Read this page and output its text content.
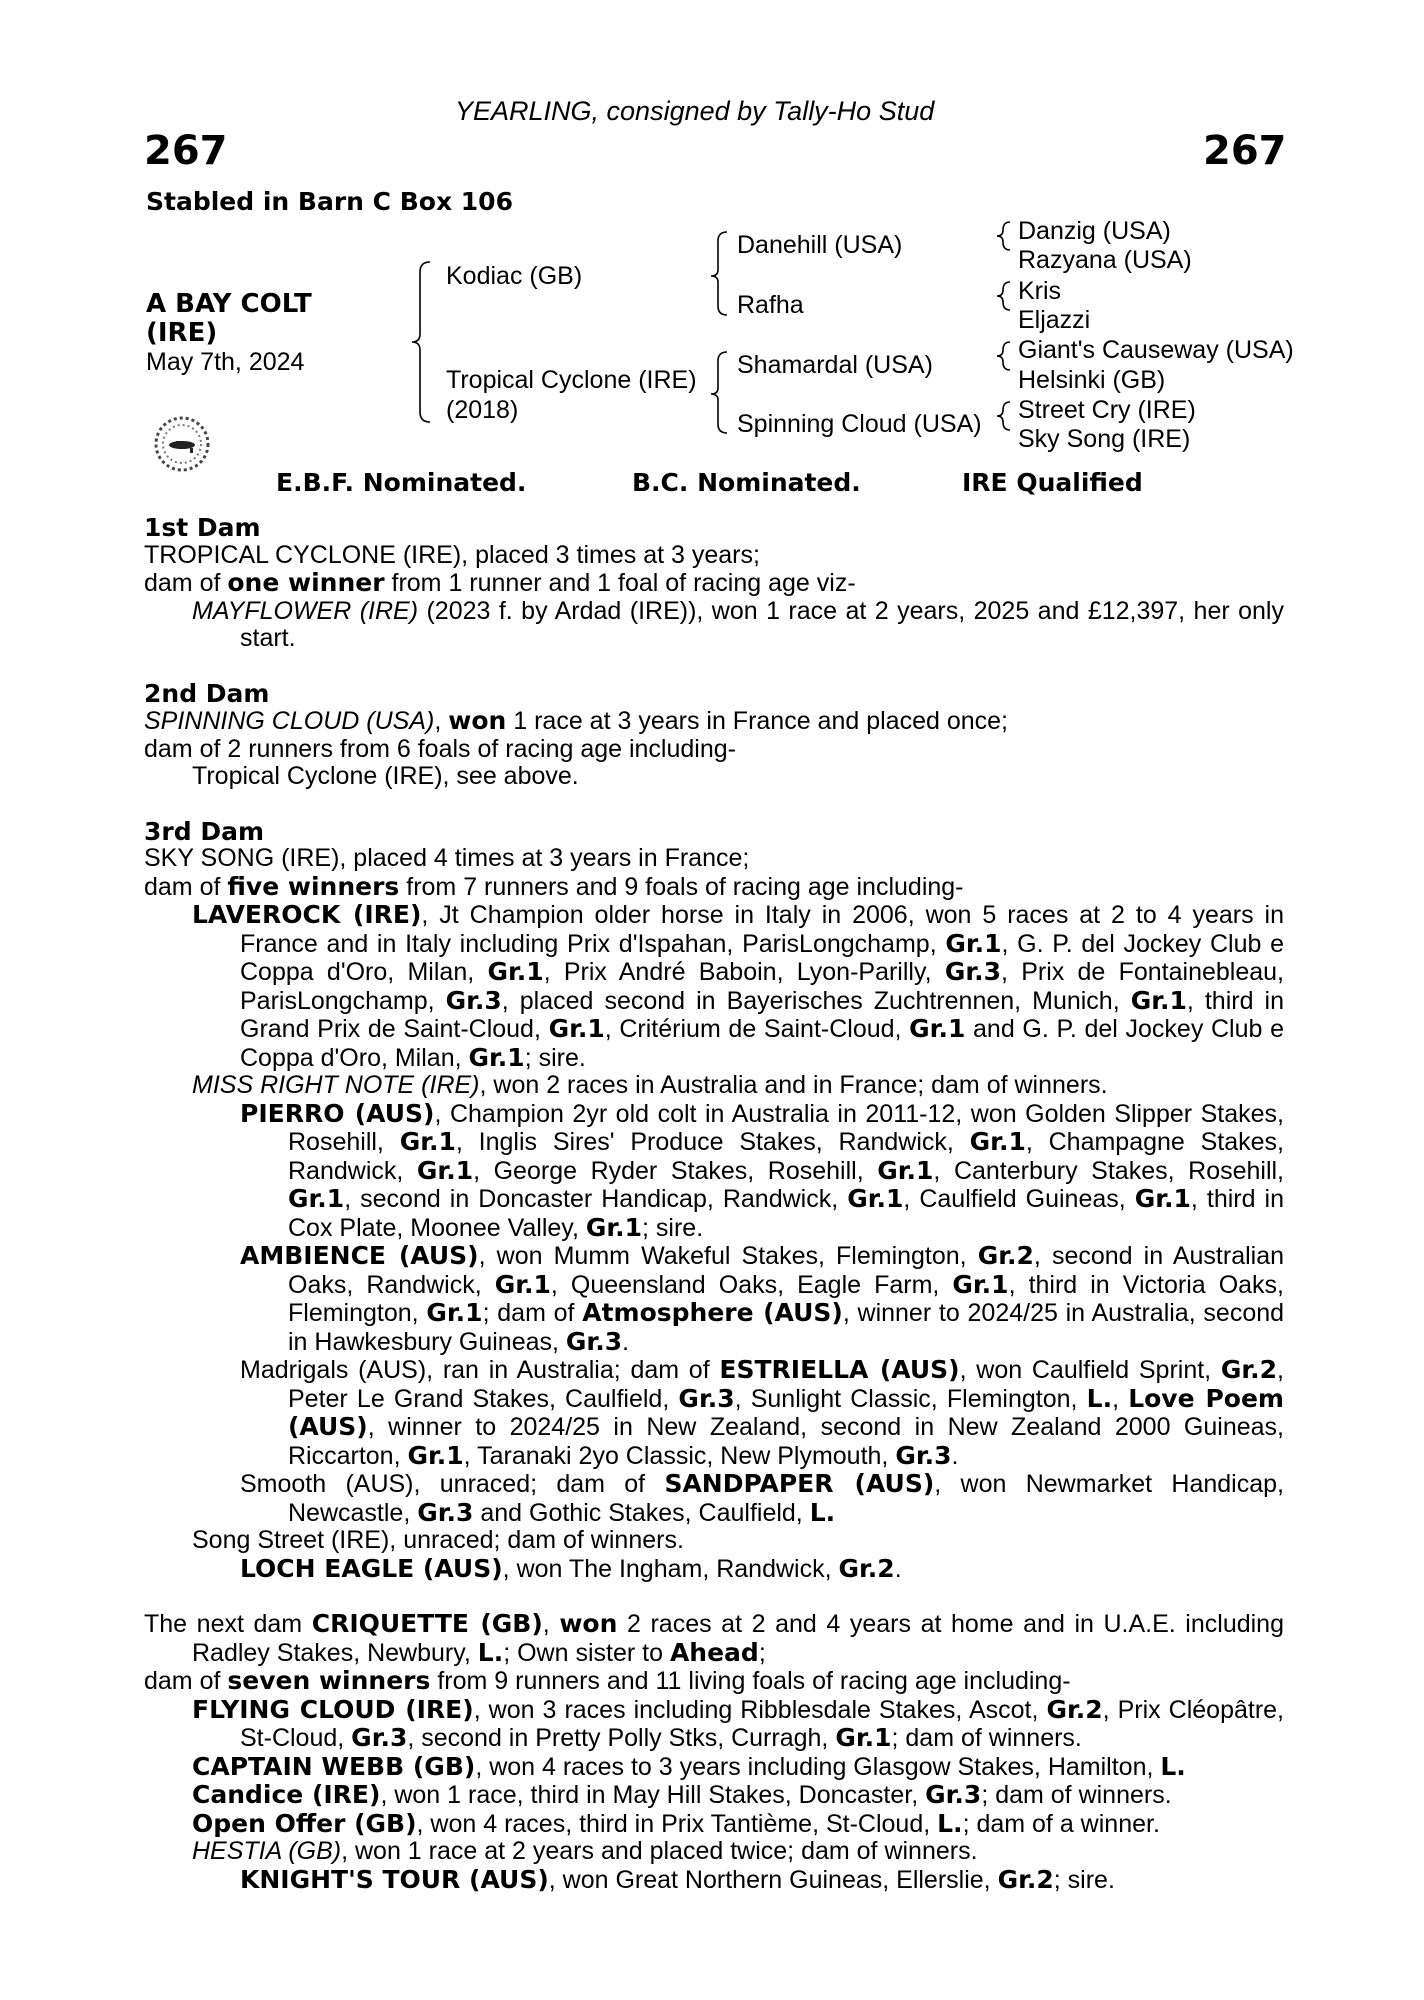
YEARLING, consigned by Tally-Ho Stud
267	267
Stabled in Barn C Box 106
A BAY COLT
(IRE)
May 7th, 2024
Kodiac (GB)
Tropical Cyclone (IRE)
(2018)
Danehill (USA)
Rafha
Shamardal (USA)
Spinning Cloud (USA)
Danzig (USA)
Razyana (USA)
Kris
Eljazzi
Giant's Causeway (USA)
Helsinki (GB)
Street Cry (IRE)
Sky Song (IRE)
E.B.F. Nominated.	B.C. Nominated.	IRE Qualified
1st Dam

TROPICAL CYCLONE (IRE), placed 3 times at 3 years;

dam of one winner from 1 runner and 1 foal of racing age viz-

MAYFLOWER (IRE) (2023 f. by Ardad (IRE)), won 1 race at 2 years, 2025 and £12,397, her only start.

2nd Dam

SPINNING CLOUD (USA), won 1 race at 3 years in France and placed once;

dam of 2 runners from 6 foals of racing age including-

Tropical Cyclone (IRE), see above.

3rd Dam

SKY SONG (IRE), placed 4 times at 3 years in France;

dam of five winners from 7 runners and 9 foals of racing age including-

LAVEROCK (IRE), Jt Champion older horse in Italy in 2006, won 5 races at 2 to 4 years in France and in Italy including Prix d'Ispahan, ParisLongchamp, Gr.1, G. P. del Jockey Club e Coppa d'Oro, Milan, Gr.1, Prix André Baboin, Lyon-Parilly, Gr.3, Prix de Fontainebleau, ParisLongchamp, Gr.3, placed second in Bayerisches Zuchtrennen, Munich, Gr.1, third in Grand Prix de Saint-Cloud, Gr.1, Critérium de Saint-Cloud, Gr.1 and G. P. del Jockey Club e Coppa d'Oro, Milan, Gr.1; sire.

MISS RIGHT NOTE (IRE), won 2 races in Australia and in France; dam of winners.

PIERRO (AUS), Champion 2yr old colt in Australia in 2011-12, won Golden Slipper Stakes, Rosehill, Gr.1, Inglis Sires' Produce Stakes, Randwick, Gr.1, Champagne Stakes, Randwick, Gr.1, George Ryder Stakes, Rosehill, Gr.1, Canterbury Stakes, Rosehill, Gr.1, second in Doncaster Handicap, Randwick, Gr.1, Caulfield Guineas, Gr.1, third in Cox Plate, Moonee Valley, Gr.1; sire.

AMBIENCE (AUS), won Mumm Wakeful Stakes, Flemington, Gr.2, second in Australian Oaks, Randwick, Gr.1, Queensland Oaks, Eagle Farm, Gr.1, third in Victoria Oaks, Flemington, Gr.1; dam of Atmosphere (AUS), winner to 2024/25 in Australia, second in Hawkesbury Guineas, Gr.3.

Madrigals (AUS), ran in Australia; dam of ESTRIELLA (AUS), won Caulfield Sprint, Gr.2, Peter Le Grand Stakes, Caulfield, Gr.3, Sunlight Classic, Flemington, L., Love Poem (AUS), winner to 2024/25 in New Zealand, second in New Zealand 2000 Guineas, Riccarton, Gr.1, Taranaki 2yo Classic, New Plymouth, Gr.3.

Smooth (AUS), unraced; dam of SANDPAPER (AUS), won Newmarket Handicap, Newcastle, Gr.3 and Gothic Stakes, Caulfield, L.

Song Street (IRE), unraced; dam of winners.

LOCH EAGLE (AUS), won The Ingham, Randwick, Gr.2.

The next dam CRIQUETTE (GB), won 2 races at 2 and 4 years at home and in U.A.E. including Radley Stakes, Newbury, L.; Own sister to Ahead;

dam of seven winners from 9 runners and 11 living foals of racing age including-

FLYING CLOUD (IRE), won 3 races including Ribblesdale Stakes, Ascot, Gr.2, Prix Cléopâtre, St-Cloud, Gr.3, second in Pretty Polly Stks, Curragh, Gr.1; dam of winners.

CAPTAIN WEBB (GB), won 4 races to 3 years including Glasgow Stakes, Hamilton, L.

Candice (IRE), won 1 race, third in May Hill Stakes, Doncaster, Gr.3; dam of winners.

Open Offer (GB), won 4 races, third in Prix Tantième, St-Cloud, L.; dam of a winner.

HESTIA (GB), won 1 race at 2 years and placed twice; dam of winners.

KNIGHT'S TOUR (AUS), won Great Northern Guineas, Ellerslie, Gr.2; sire.
